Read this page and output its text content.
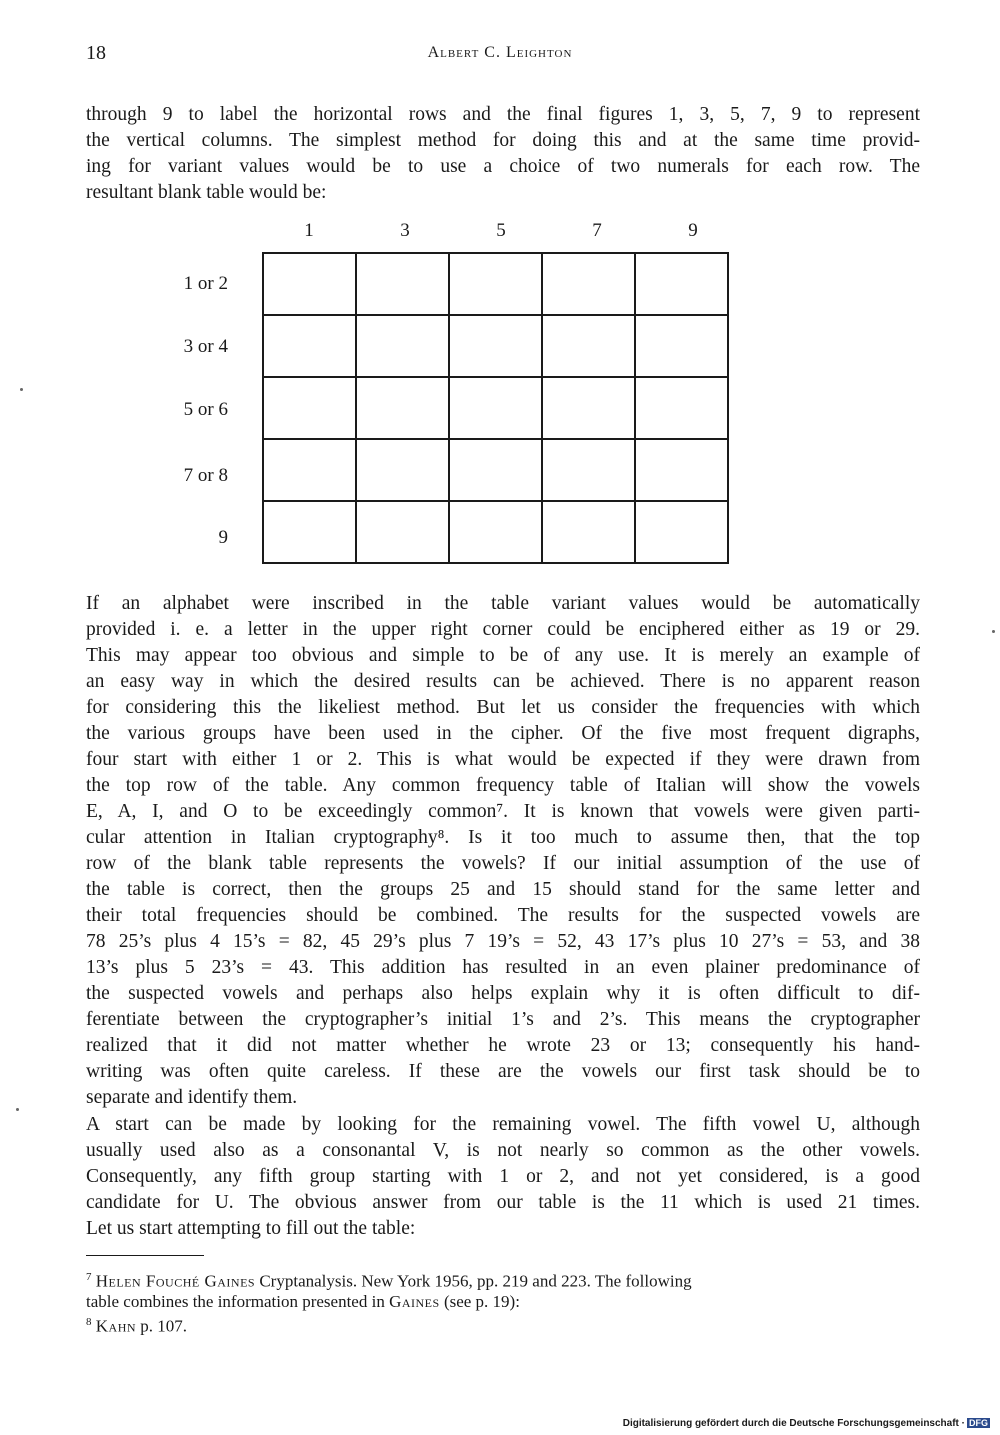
18	Albert C. Leighton
through 9 to label the horizontal rows and the final figures 1, 3, 5, 7, 9 to represent
the vertical columns. The simplest method for doing this and at the same time provid-
ing for variant values would be to use a choice of two numerals for each row. The
resultant blank table would be:
1	3	5	7	9
1 or 2
3 or 4
5 or 6
7 or 8
9

If an alphabet were inscribed in the table variant values would be automatically
provided i. e. a letter in the upper right corner could be enciphered either as 19 or 29.
This may appear too obvious and simple to be of any use. It is merely an example of
an easy way in which the desired results can be achieved. There is no apparent reason
for considering this the likeliest method. But let us consider the frequencies with which
the various groups have been used in the cipher. Of the five most frequent digraphs,
four start with either 1 or 2. This is what would be expected if they were drawn from
the top row of the table. Any common frequency table of Italian will show the vowels
E, A, I, and O to be exceedingly common⁷. It is known that vowels were given parti-
cular attention in Italian cryptography⁸. Is it too much to assume then, that the top
row of the blank table represents the vowels? If our initial assumption of the use of
the table is correct, then the groups 25 and 15 should stand for the same letter and
their total frequencies should be combined. The results for the suspected vowels are
78 25’s plus 4 15’s = 82, 45 29’s plus 7 19’s = 52, 43 17’s plus 10 27’s = 53, and 38
13’s plus 5 23’s = 43. This addition has resulted in an even plainer predominance of
the suspected vowels and perhaps also helps explain why it is often difficult to dif-
ferentiate between the cryptographer’s initial 1’s and 2’s. This means the cryptographer
realized that it did not matter whether he wrote 23 or 13; consequently his hand-
writing was often quite careless. If these are the vowels our first task should be to
separate and identify them.
A start can be made by looking for the remaining vowel. The fifth vowel U, although
usually used also as a consonantal V, is not nearly so common as the other vowels.
Consequently, any fifth group starting with 1 or 2, and not yet considered, is a good
candidate for U. The obvious answer from our table is the 11 which is used 21 times.
Let us start attempting to fill out the table:
$^7$ Helen Fouché Gaines Cryptanalysis. New York 1956, pp. 219 and 223. The following
table combines the information presented in Gaines (see p. 19):
$^8$ Kahn p. 107.
Digitalisierung gefördert durch die Deutsche Forschungsgemeinschaft · DFG
